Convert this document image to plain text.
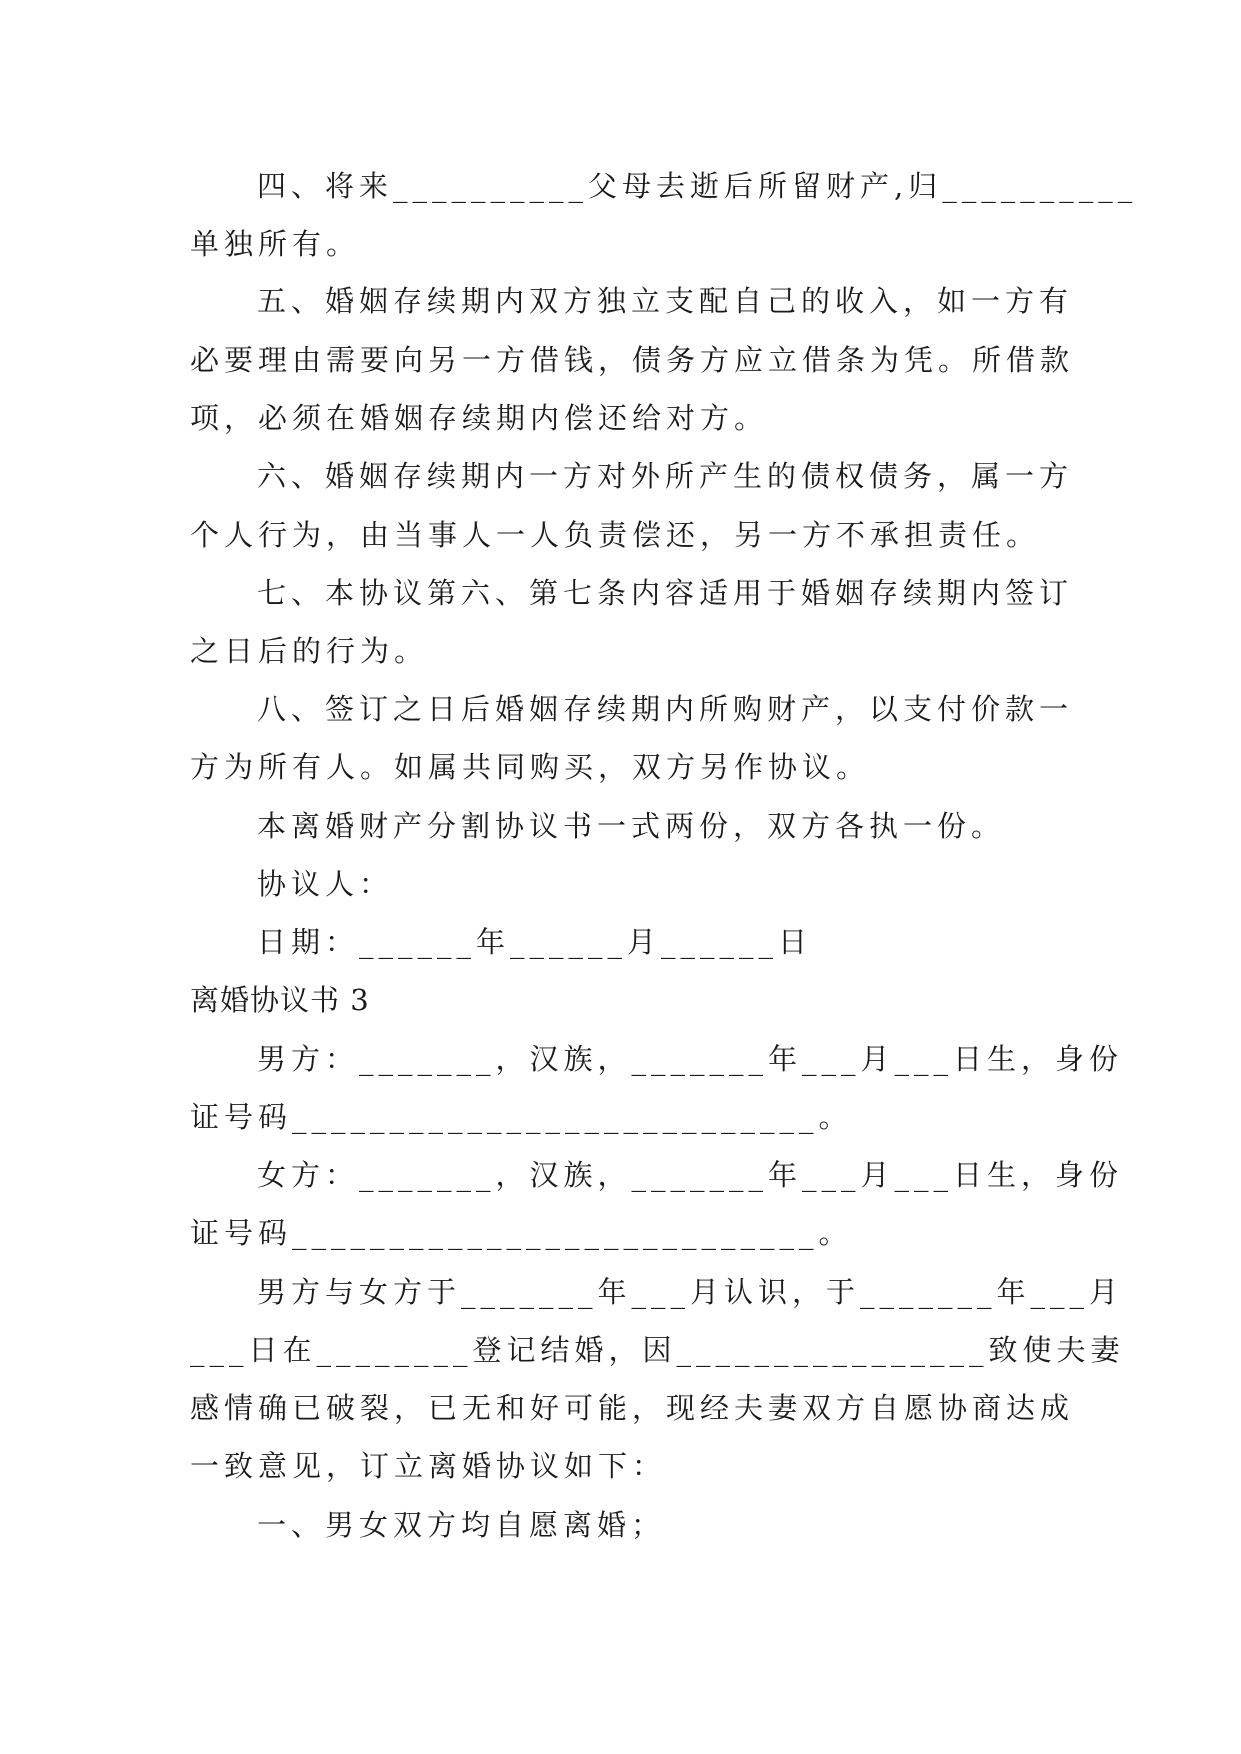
四、将来__________父母去逝后所留财产,归__________
单独所有。
五、婚姻存续期内双方独立支配自己的收入，如一方有
必要理由需要向另一方借钱，债务方应立借条为凭。所借款
项，必须在婚姻存续期内偿还给对方。
六、婚姻存续期内一方对外所产生的债权债务，属一方
个人行为，由当事人一人负责偿还，另一方不承担责任。
七、本协议第六、第七条内容适用于婚姻存续期内签订
之日后的行为。
八、签订之日后婚姻存续期内所购财产，以支付价款一
方为所有人。如属共同购买，双方另作协议。
本离婚财产分割协议书一式两份，双方各执一份。
协议人：
日期：______年______月______日
离婚协议书 3
男方：_______，汉族，_______年___月___日生，身份
证号码___________________________。
女方：_______，汉族，_______年___月___日生，身份
证号码___________________________。
男方与女方于_______年___月认识，于_______年___月
___日在________登记结婚，因________________致使夫妻
感情确已破裂，已无和好可能，现经夫妻双方自愿协商达成
一致意见，订立离婚协议如下：
一、男女双方均自愿离婚；
